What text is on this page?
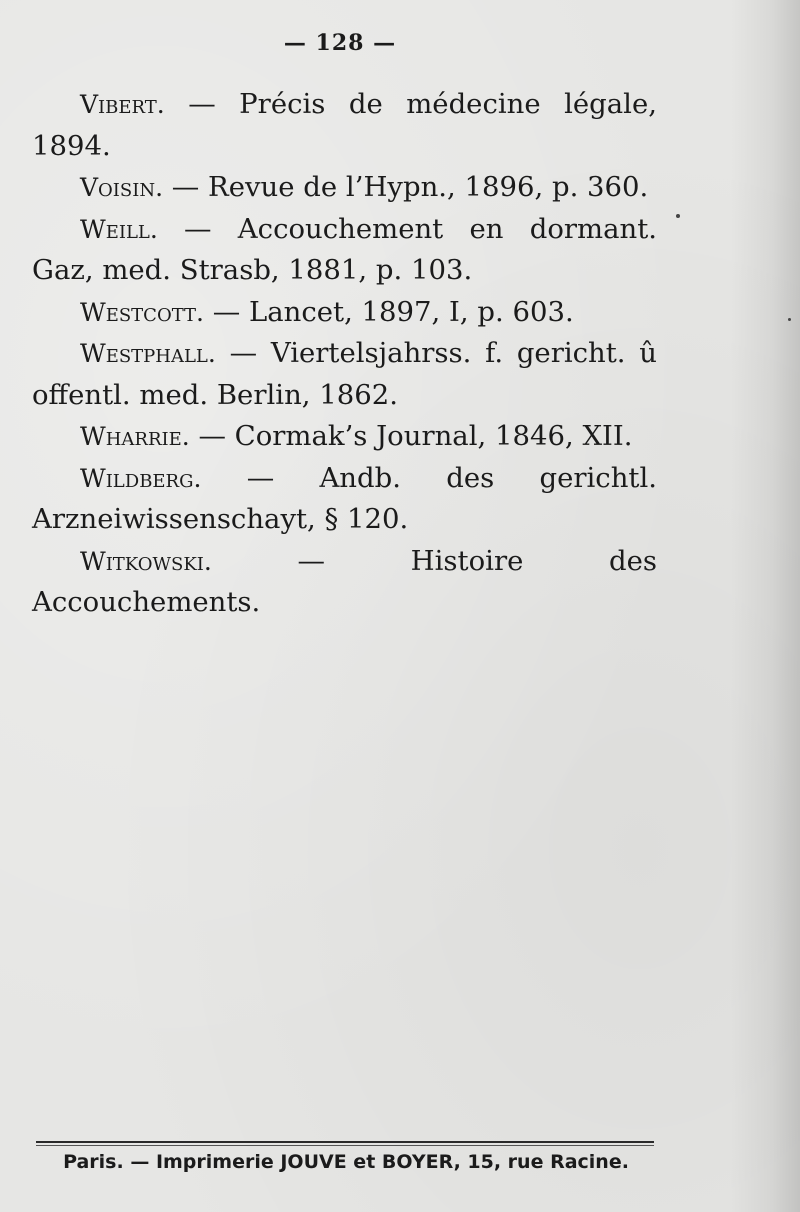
— 128 —

Vibert. — Précis de médecine légale, 1894.

Voisin. — Revue de l’Hypn., 1896, p. 360.

Weill. — Accouchement en dormant. Gaz, med. Strasb, 1881, p. 103.

Westcott. — Lancet, 1897, I, p. 603.

Westphall. — Viertelsjahrss. f. gericht. û offentl. med. Berlin, 1862.

Wharrie. — Cormak’s Journal, 1846, XII.

Wildberg. — Andb. des gerichtl. Arzneiwissenschayt, § 120.

Witkowski. — Histoire des Accouchements.

Paris. — Imprimerie JOUVE et BOYER, 15, rue Racine.
